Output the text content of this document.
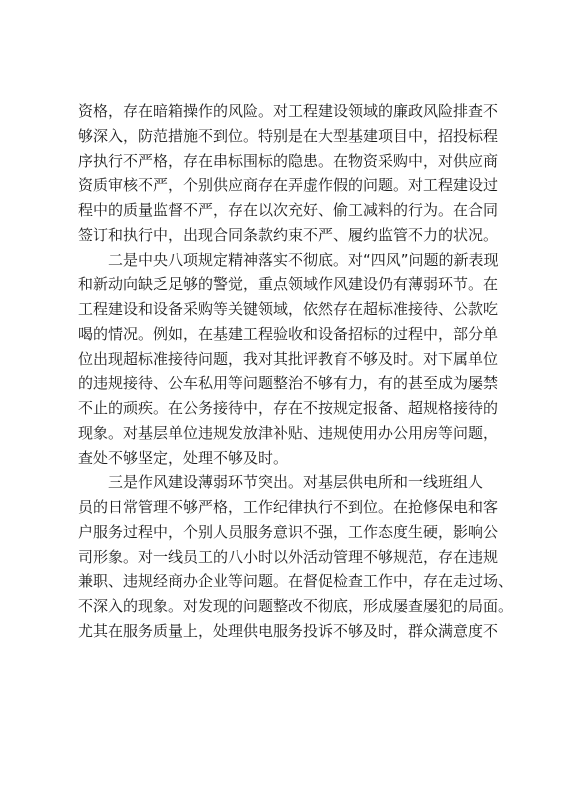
资格，存在暗箱操作的风险。对工程建设领域的廉政风险排查不
够深入，防范措施不到位。特别是在大型基建项目中，招投标程
序执行不严格，存在串标围标的隐患。在物资采购中，对供应商
资质审核不严，个别供应商存在弄虚作假的问题。对工程建设过
程中的质量监督不严，存在以次充好、偷工减料的行为。在合同
签订和执行中，出现合同条款约束不严、履约监管不力的状况。
二是中央八项规定精神落实不彻底。对“四风”问题的新表现
和新动向缺乏足够的警觉，重点领域作风建设仍有薄弱环节。在
工程建设和设备采购等关键领域，依然存在超标准接待、公款吃
喝的情况。例如，在基建工程验收和设备招标的过程中，部分单
位出现超标准接待问题，我对其批评教育不够及时。对下属单位
的违规接待、公车私用等问题整治不够有力，有的甚至成为屡禁
不止的顽疾。在公务接待中，存在不按规定报备、超规格接待的
现象。对基层单位违规发放津补贴、违规使用办公用房等问题，
查处不够坚定，处理不够及时。
三是作风建设薄弱环节突出。对基层供电所和一线班组人
员的日常管理不够严格，工作纪律执行不到位。在抢修保电和客
户服务过程中，个别人员服务意识不强，工作态度生硬，影响公
司形象。对一线员工的八小时以外活动管理不够规范，存在违规
兼职、违规经商办企业等问题。在督促检查工作中，存在走过场、
不深入的现象。对发现的问题整改不彻底，形成屡查屡犯的局面。
尤其在服务质量上，处理供电服务投诉不够及时，群众满意度不
